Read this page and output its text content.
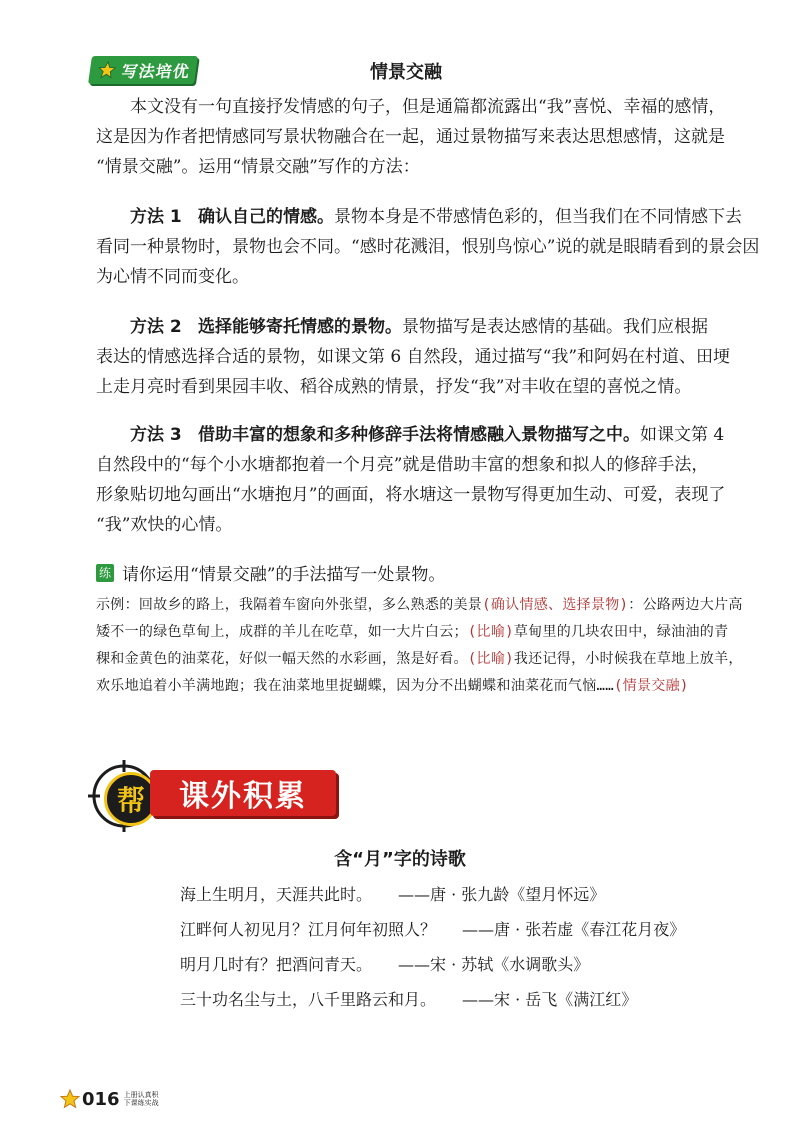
写法培优	情景交融
本文没有一句直接抒发情感的句子，但是通篇都流露出“我”喜悦、幸福的感情，
这是因为作者把情感同写景状物融合在一起，通过景物描写来表达思想感情，这就是
“情景交融”。运用“情景交融”写作的方法：
方法 1 确认自己的情感。景物本身是不带感情色彩的，但当我们在不同情感下去
看同一种景物时，景物也会不同。“感时花溅泪，恨别鸟惊心”说的就是眼睛看到的景会因
为心情不同而变化。
方法 2 选择能够寄托情感的景物。景物描写是表达感情的基础。我们应根据
表达的情感选择合适的景物，如课文第 6 自然段，通过描写“我”和阿妈在村道、田埂
上走月亮时看到果园丰收、稻谷成熟的情景，抒发“我”对丰收在望的喜悦之情。
方法 3 借助丰富的想象和多种修辞手法将情感融入景物描写之中。如课文第 4
自然段中的“每个小水塘都抱着一个月亮”就是借助丰富的想象和拟人的修辞手法，
形象贴切地勾画出“水塘抱月”的画面，将水塘这一景物写得更加生动、可爱，表现了
“我”欢快的心情。
练 请你运用“情景交融”的手法描写一处景物。
示例：回故乡的路上，我隔着车窗向外张望，多么熟悉的美景(确认情感、选择景物)：公路两边大片高
矮不一的绿色草甸上，成群的羊儿在吃草，如一大片白云；(比喻)草甸里的几块农田中，绿油油的青
稞和金黄色的油菜花，好似一幅天然的水彩画，煞是好看。(比喻)我还记得，小时候我在草地上放羊，
欢乐地追着小羊满地跑；我在油菜地里捉蝴蝶，因为分不出蝴蝶和油菜花而气恼……(情景交融)
帮	课外积累
含“月”字的诗歌
海上生明月，天涯共此时。 ——唐 · 张九龄《望月怀远》
江畔何人初见月？江月何年初照人？ ——唐 · 张若虚《春江花月夜》
明月几时有？把酒问青天。 ——宋 · 苏轼《水调歌头》
三十功名尘与土，八千里路云和月。 ——宋 · 岳飞《满江红》
016 上册认真积
下课练实战
